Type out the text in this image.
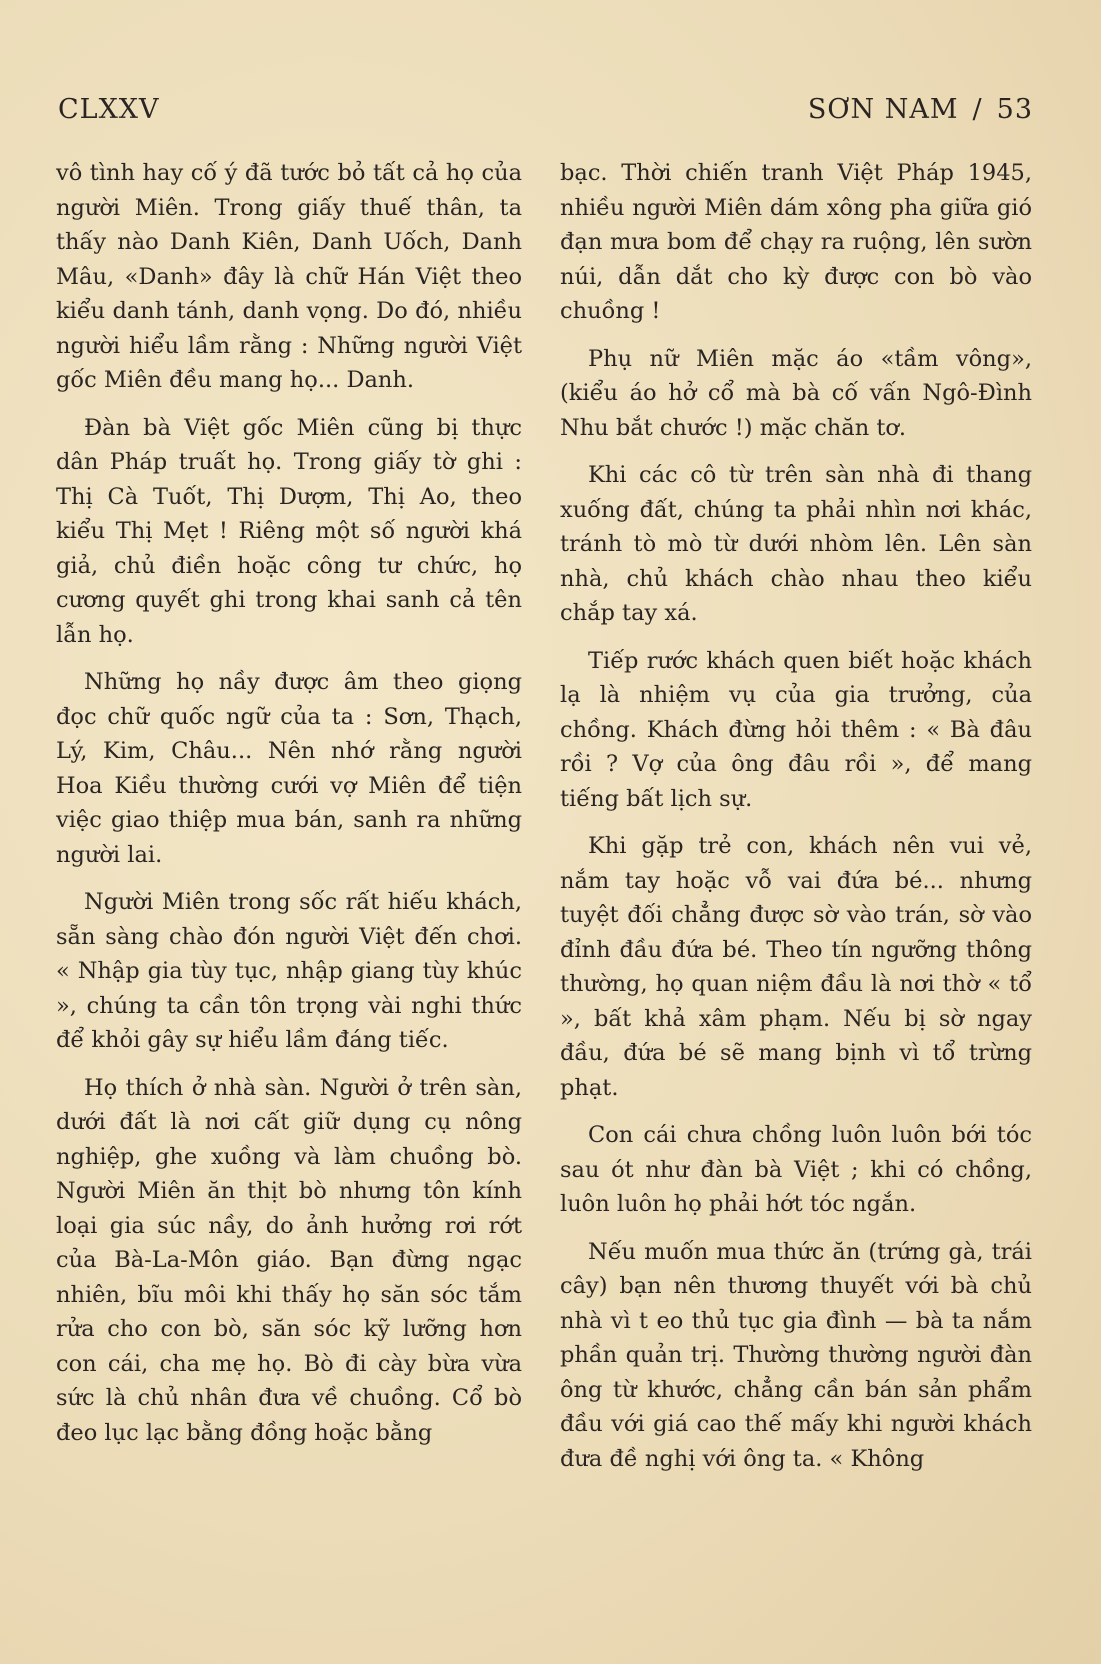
CLXXV	SƠN NAM / 53

vô tình hay cố ý đã tước bỏ tất cả họ của người Miên. Trong giấy thuế thân, ta thấy nào Danh Kiên, Danh Uốch, Danh Mâu, «Danh» đây là chữ Hán Việt theo kiểu danh tánh, danh vọng. Do đó, nhiều người hiểu lầm rằng : Những người Việt gốc Miên đều mang họ... Danh.

Đàn bà Việt gốc Miên cũng bị thực dân Pháp truất họ. Trong giấy tờ ghi : Thị Cà Tuốt, Thị Dượm, Thị Ao, theo kiểu Thị Mẹt ! Riêng một số người khá giả, chủ điền hoặc công tư chức, họ cương quyết ghi trong khai sanh cả tên lẫn họ.

Những họ nầy được âm theo giọng đọc chữ quốc ngữ của ta : Sơn, Thạch, Lý, Kim, Châu... Nên nhớ rằng người Hoa Kiều thường cưới vợ Miên để tiện việc giao thiệp mua bán, sanh ra những người lai.

Người Miên trong sốc rất hiếu khách, sẵn sàng chào đón người Việt đến chơi. « Nhập gia tùy tục, nhập giang tùy khúc », chúng ta cần tôn trọng vài nghi thức để khỏi gây sự hiểu lầm đáng tiếc.

Họ thích ở nhà sàn. Người ở trên sàn, dưới đất là nơi cất giữ dụng cụ nông nghiệp, ghe xuồng và làm chuồng bò. Người Miên ăn thịt bò nhưng tôn kính loại gia súc nầy, do ảnh hưởng rơi rớt của Bà-La-Môn giáo. Bạn đừng ngạc nhiên, bĩu môi khi thấy họ săn sóc tắm rửa cho con bò, săn sóc kỹ lưỡng hơn con cái, cha mẹ họ. Bò đi cày bừa vừa sức là chủ nhân đưa về chuồng. Cổ bò đeo lục lạc bằng đồng hoặc bằng

bạc. Thời chiến tranh Việt Pháp 1945, nhiều người Miên dám xông pha giữa gió đạn mưa bom để chạy ra ruộng, lên sườn núi, dẫn dắt cho kỳ được con bò vào chuồng !

Phụ nữ Miên mặc áo «tầm vông», (kiểu áo hở cổ mà bà cố vấn Ngô-Đình Nhu bắt chước !) mặc chăn tơ.

Khi các cô từ trên sàn nhà đi thang xuống đất, chúng ta phải nhìn nơi khác, tránh tò mò từ dưới nhòm lên. Lên sàn nhà, chủ khách chào nhau theo kiểu chắp tay xá.

Tiếp rước khách quen biết hoặc khách lạ là nhiệm vụ của gia trưởng, của chồng. Khách đừng hỏi thêm : « Bà đâu rồi ? Vợ của ông đâu rồi », để mang tiếng bất lịch sự.

Khi gặp trẻ con, khách nên vui vẻ, nắm tay hoặc vỗ vai đứa bé... nhưng tuyệt đối chẳng được sờ vào trán, sờ vào đỉnh đầu đứa bé. Theo tín ngưỡng thông thường, họ quan niệm đầu là nơi thờ « tổ », bất khả xâm phạm. Nếu bị sờ ngay đầu, đứa bé sẽ mang bịnh vì tổ trừng phạt.

Con cái chưa chồng luôn luôn bới tóc sau ót như đàn bà Việt ; khi có chồng, luôn luôn họ phải hớt tóc ngắn.

Nếu muốn mua thức ăn (trứng gà, trái cây) bạn nên thương thuyết với bà chủ nhà vì t eo thủ tục gia đình — bà ta nắm phần quản trị. Thường thường người đàn ông từ khước, chẳng cần bán sản phẩm đầu với giá cao thế mấy khi người khách đưa đề nghị với ông ta. « Không
